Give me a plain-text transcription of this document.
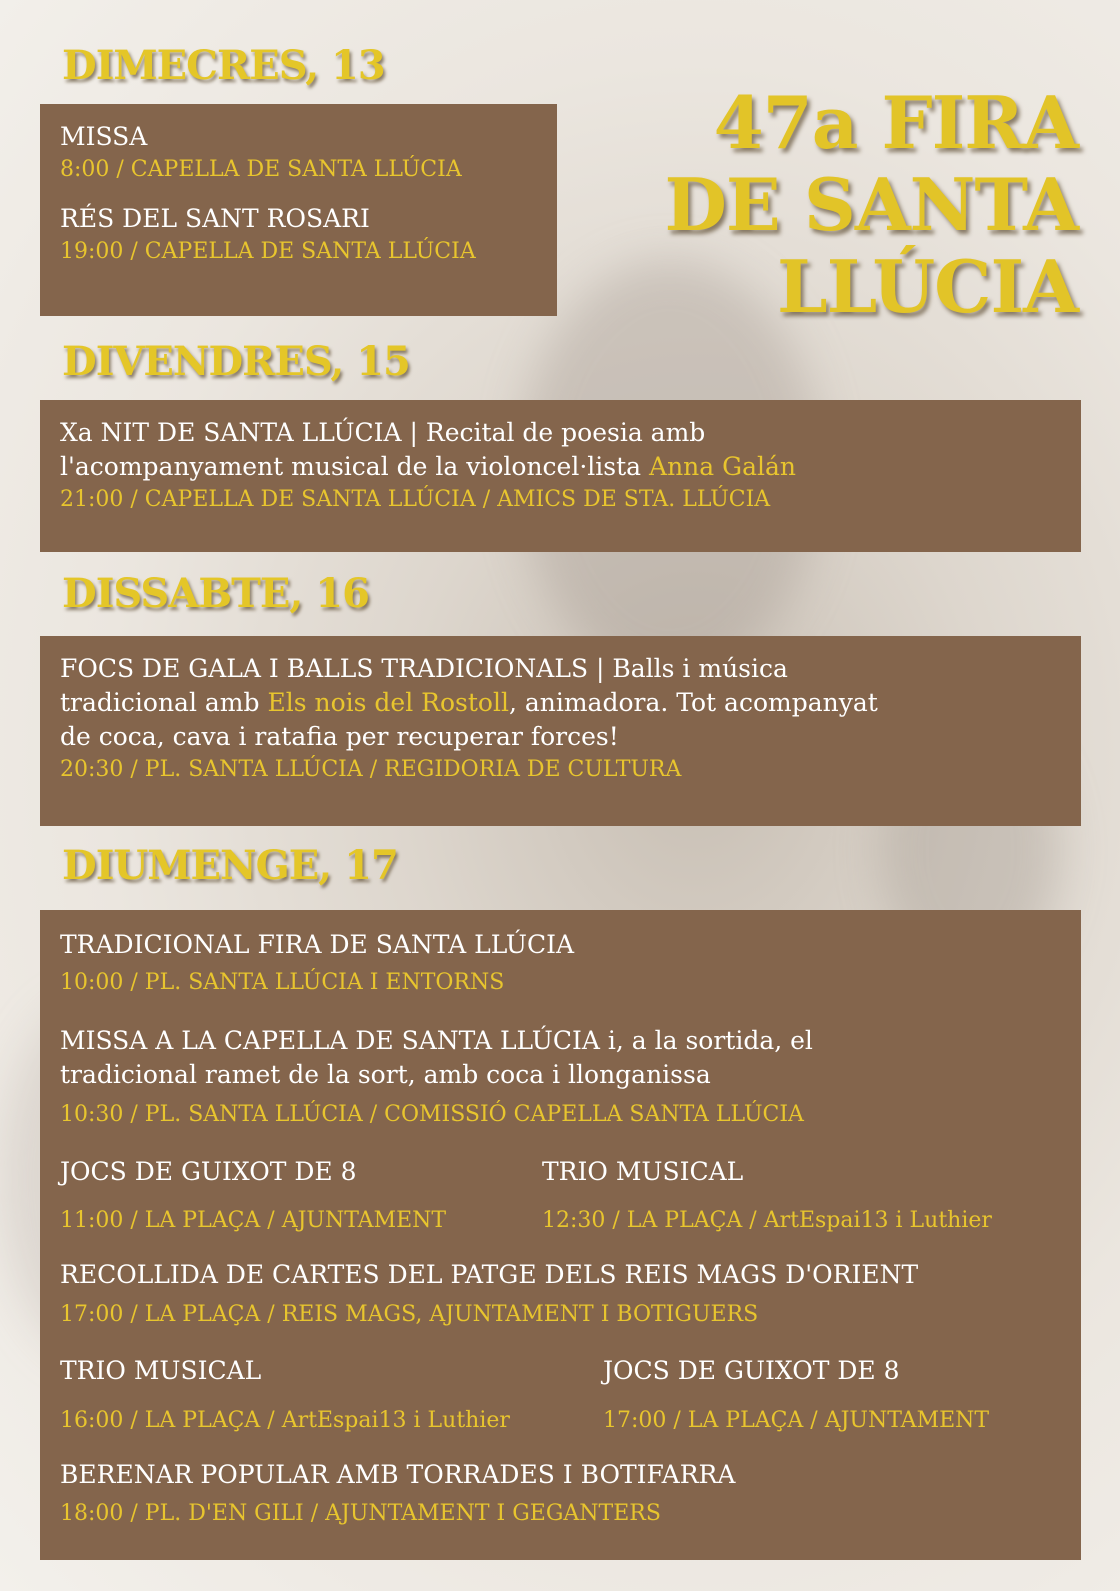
47a FIRA
DE SANTA
LLÚCIA
DIMECRES, 13
MISSA
8:00 / CAPELLA DE SANTA LLÚCIA
RÉS DEL SANT ROSARI
19:00 / CAPELLA DE SANTA LLÚCIA
DIVENDRES, 15
Xa NIT DE SANTA LLÚCIA | Recital de poesia amb
l'acompanyament musical de la violoncel·lista Anna Galán
21:00 / CAPELLA DE SANTA LLÚCIA / AMICS DE STA. LLÚCIA
DISSABTE, 16
FOCS DE GALA I BALLS TRADICIONALS | Balls i música
tradicional amb Els nois del Rostoll, animadora. Tot acompanyat
de coca, cava i ratafia per recuperar forces!
20:30 / PL. SANTA LLÚCIA / REGIDORIA DE CULTURA
DIUMENGE, 17
TRADICIONAL FIRA DE SANTA LLÚCIA
10:00 / PL. SANTA LLÚCIA I ENTORNS
MISSA A LA CAPELLA DE SANTA LLÚCIA i, a la sortida, el
tradicional ramet de la sort, amb coca i llonganissa
10:30 / PL. SANTA LLÚCIA / COMISSIÓ CAPELLA SANTA LLÚCIA
JOCS DE GUIXOT DE 8	TRIO MUSICAL
11:00 / LA PLAÇA / AJUNTAMENT	12:30 / LA PLAÇA / ArtEspai13 i Luthier
RECOLLIDA DE CARTES DEL PATGE DELS REIS MAGS D'ORIENT
17:00 / LA PLAÇA / REIS MAGS, AJUNTAMENT I BOTIGUERS
TRIO MUSICAL	JOCS DE GUIXOT DE 8
16:00 / LA PLAÇA / ArtEspai13 i Luthier	17:00 / LA PLAÇA / AJUNTAMENT
BERENAR POPULAR AMB TORRADES I BOTIFARRA
18:00 / PL. D'EN GILI / AJUNTAMENT I GEGANTERS
